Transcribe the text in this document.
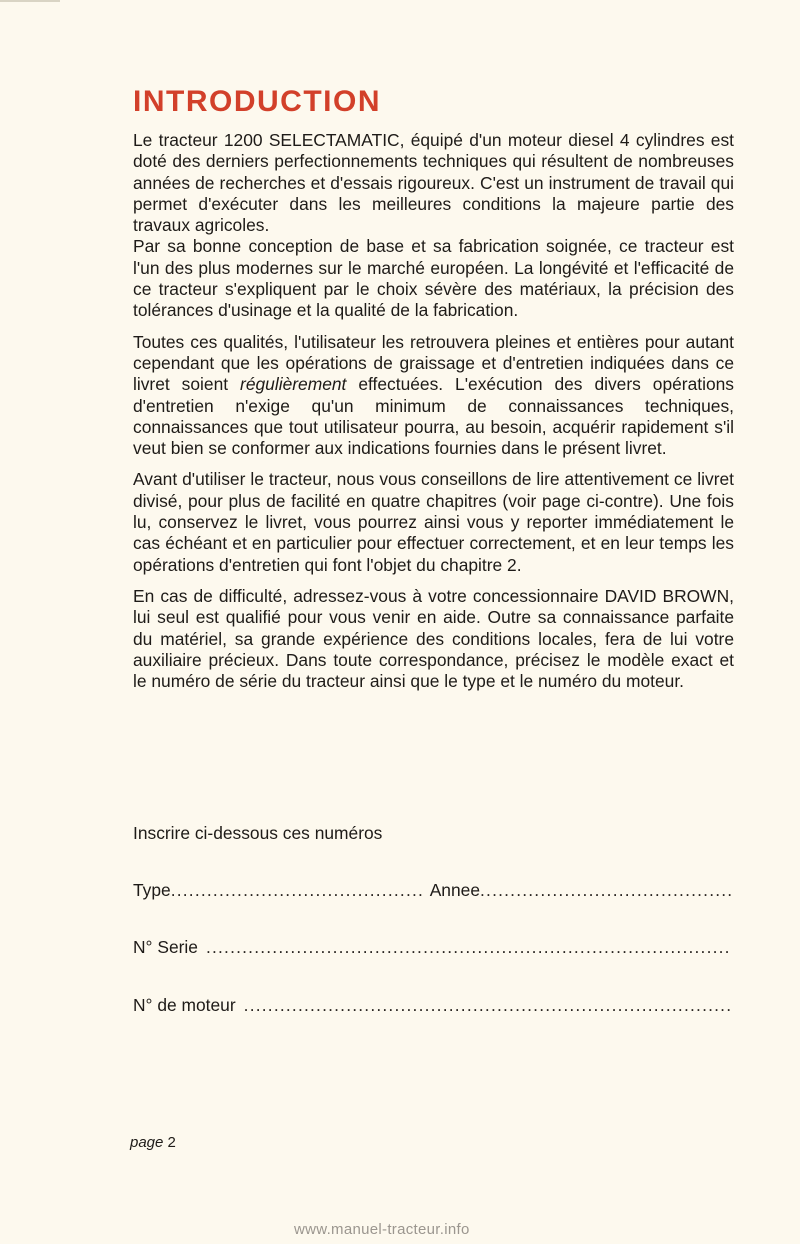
INTRODUCTION

Le tracteur 1200 SELECTAMATIC, équipé d'un moteur diesel 4 cylindres est doté des derniers perfectionnements techniques qui résultent de nombreuses années de recherches et d'essais rigoureux. C'est un instrument de travail qui permet d'exécuter dans les meilleures conditions la majeure partie des travaux agricoles.

Par sa bonne conception de base et sa fabrication soignée, ce tracteur est l'un des plus modernes sur le marché européen. La longévité et l'efficacité de ce tracteur s'expliquent par le choix sévère des matériaux, la précision des tolérances d'usinage et la qualité de la fabrication.

Toutes ces qualités, l'utilisateur les retrouvera pleines et entières pour autant cependant que les opérations de graissage et d'entretien indiquées dans ce livret soient régulièrement effectuées. L'exécution des divers opérations d'entretien n'exige qu'un minimum de connaissances techniques, connaissances que tout utilisateur pourra, au besoin, acquérir rapidement s'il veut bien se conformer aux indications fournies dans le présent livret.

Avant d'utiliser le tracteur, nous vous conseillons de lire attentivement ce livret divisé, pour plus de facilité en quatre chapitres (voir page ci-contre). Une fois lu, conservez le livret, vous pourrez ainsi vous y reporter immédiatement le cas échéant et en particulier pour effectuer correctement, et en leur temps les opérations d'entretien qui font l'objet du chapitre 2.

En cas de difficulté, adressez-vous à votre concessionnaire DAVID BROWN, lui seul est qualifié pour vous venir en aide. Outre sa connaissance parfaite du matériel, sa grande expérience des conditions locales, fera de lui votre auxiliaire précieux. Dans toute correspondance, précisez le modèle exact et le numéro de série du tracteur ainsi que le type et le numéro du moteur.

Inscrire ci-dessous ces numéros

Type
.....	Annee
.....
N° Serie
.....
N° de moteur
.....

page 2

www.manuel-tracteur.info
